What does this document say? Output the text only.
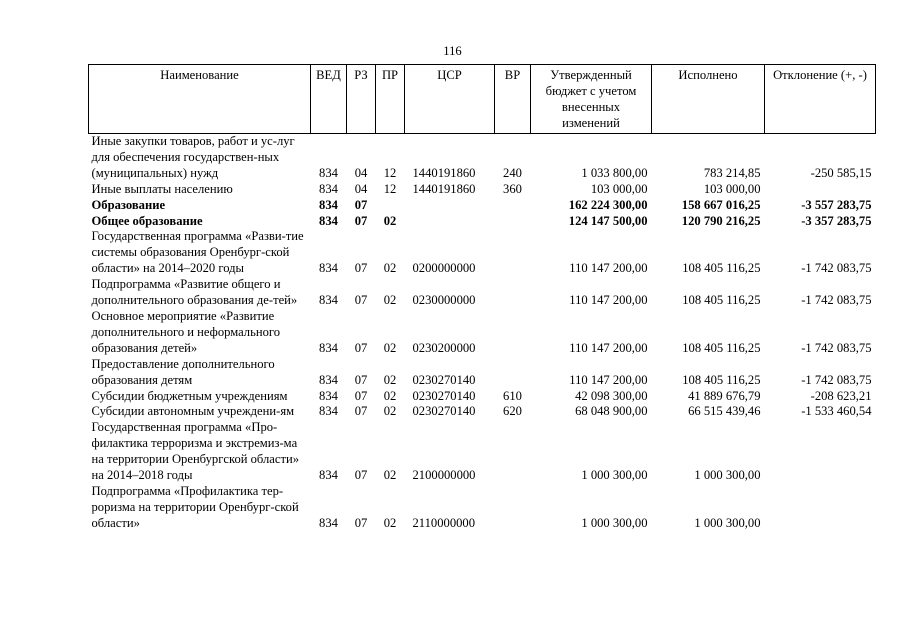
116
Наименование	ВЕД	РЗ	ПР	ЦСР	ВР	Утвержденный бюджет с учетом внесенных изменений	Исполнено	Отклонение (+, -)
Иные закупки товаров, работ и ус-луг для обеспечения государствен-ных (муниципальных) нужд	834	04	12	1440191860	240	1 033 800,00	783 214,85	-250 585,15
Иные выплаты населению	834	04	12	1440191860	360	103 000,00	103 000,00	
Образование	834	07				162 224 300,00	158 667 016,25	-3 557 283,75
Общее образование	834	07	02			124 147 500,00	120 790 216,25	-3 357 283,75
Государственная программа «Разви-тие системы образования Оренбург-ской области» на 2014–2020 годы	834	07	02	0200000000		110 147 200,00	108 405 116,25	-1 742 083,75
Подпрограмма «Развитие общего и дополнительного образования де-тей»	834	07	02	0230000000		110 147 200,00	108 405 116,25	-1 742 083,75
Основное мероприятие «Развитие дополнительного и неформального образования детей»	834	07	02	0230200000		110 147 200,00	108 405 116,25	-1 742 083,75
Предоставление дополнительного образования детям	834	07	02	0230270140		110 147 200,00	108 405 116,25	-1 742 083,75
Субсидии бюджетным учреждениям	834	07	02	0230270140	610	42 098 300,00	41 889 676,79	-208 623,21
Субсидии автономным учреждени-ям	834	07	02	0230270140	620	68 048 900,00	66 515 439,46	-1 533 460,54
Государственная программа «Про-филактика терроризма и экстремиз-ма на территории Оренбургской области» на 2014–2018 годы	834	07	02	2100000000		1 000 300,00	1 000 300,00	
Подпрограмма «Профилактика тер-роризма на территории Оренбург-ской области»	834	07	02	2110000000		1 000 300,00	1 000 300,00	
